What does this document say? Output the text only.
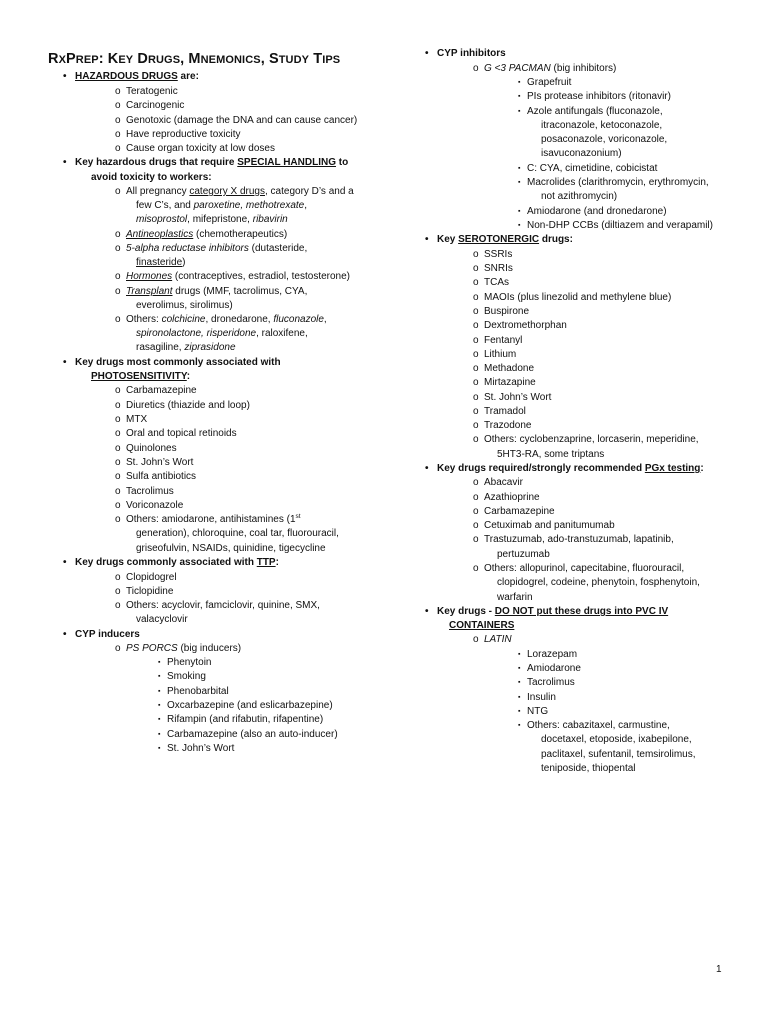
RXPREP: KEY DRUGS, MNEMONICS, STUDY TIPS
• HAZARDOUS DRUGS are:
o Teratogenic
o Carcinogenic
o Genotoxic (damage the DNA and can cause cancer)
o Have reproductive toxicity
o Cause organ toxicity at low doses
• Key hazardous drugs that require SPECIAL HANDLING to
avoid toxicity to workers:
o All pregnancy category X drugs, category D’s and a
few C’s, and paroxetine, methotrexate,
misoprostol, mifepristone, ribavirin
o Antineoplastics (chemotherapeutics)
o 5-alpha reductase inhibitors (dutasteride,
finasteride)
o Hormones (contraceptives, estradiol, testosterone)
o Transplant drugs (MMF, tacrolimus, CYA,
everolimus, sirolimus)
o Others: colchicine, dronedarone, fluconazole,
spironolactone, risperidone, raloxifene,
rasagiline, ziprasidone
• Key drugs most commonly associated with
PHOTOSENSITIVITY:
o Carbamazepine
o Diuretics (thiazide and loop)
o MTX
o Oral and topical retinoids
o Quinolones
o St. John’s Wort
o Sulfa antibiotics
o Tacrolimus
o Voriconazole
o Others: amiodarone, antihistamines (1st
generation), chloroquine, coal tar, fluorouracil,
griseofulvin, NSAIDs, quinidine, tigecycline
• Key drugs commonly associated with TTP:
o Clopidogrel
o Ticlopidine
o Others: acyclovir, famciclovir, quinine, SMX,
valacyclovir
• CYP inducers
o PS PORCS (big inducers)
▪ Phenytoin
▪ Smoking
▪ Phenobarbital
▪ Oxcarbazepine (and eslicarbazepine)
▪ Rifampin (and rifabutin, rifapentine)
▪ Carbamazepine (also an auto-inducer)
▪ St. John’s Wort
• CYP inhibitors
o G <3 PACMAN (big inhibitors)
▪ Grapefruit
▪ PIs protease inhibitors (ritonavir)
▪ Azole antifungals (fluconazole,
itraconazole, ketoconazole,
posaconazole, voriconazole,
isavuconazonium)
▪ C: CYA, cimetidine, cobicistat
▪ Macrolides (clarithromycin, erythromycin,
not azithromycin)
▪ Amiodarone (and dronedarone)
▪ Non-DHP CCBs (diltiazem and verapamil)
• Key SEROTONERGIC drugs:
o SSRIs
o SNRIs
o TCAs
o MAOIs (plus linezolid and methylene blue)
o Buspirone
o Dextromethorphan
o Fentanyl
o Lithium
o Methadone
o Mirtazapine
o St. John’s Wort
o Tramadol
o Trazodone
o Others: cyclobenzaprine, lorcaserin, meperidine,
5HT3-RA, some triptans
• Key drugs required/strongly recommended PGx testing:
o Abacavir
o Azathioprine
o Carbamazepine
o Cetuximab and panitumumab
o Trastuzumab, ado-transtuzumab, lapatinib,
pertuzumab
o Others: allopurinol, capecitabine, fluorouracil,
clopidogrel, codeine, phenytoin, fosphenytoin,
warfarin
• Key drugs - DO NOT put these drugs into PVC IV
CONTAINERS
o LATIN
▪ Lorazepam
▪ Amiodarone
▪ Tacrolimus
▪ Insulin
▪ NTG
▪ Others: cabazitaxel, carmustine,
docetaxel, etoposide, ixabepilone,
paclitaxel, sufentanil, temsirolimus,
teniposide, thiopental
1
